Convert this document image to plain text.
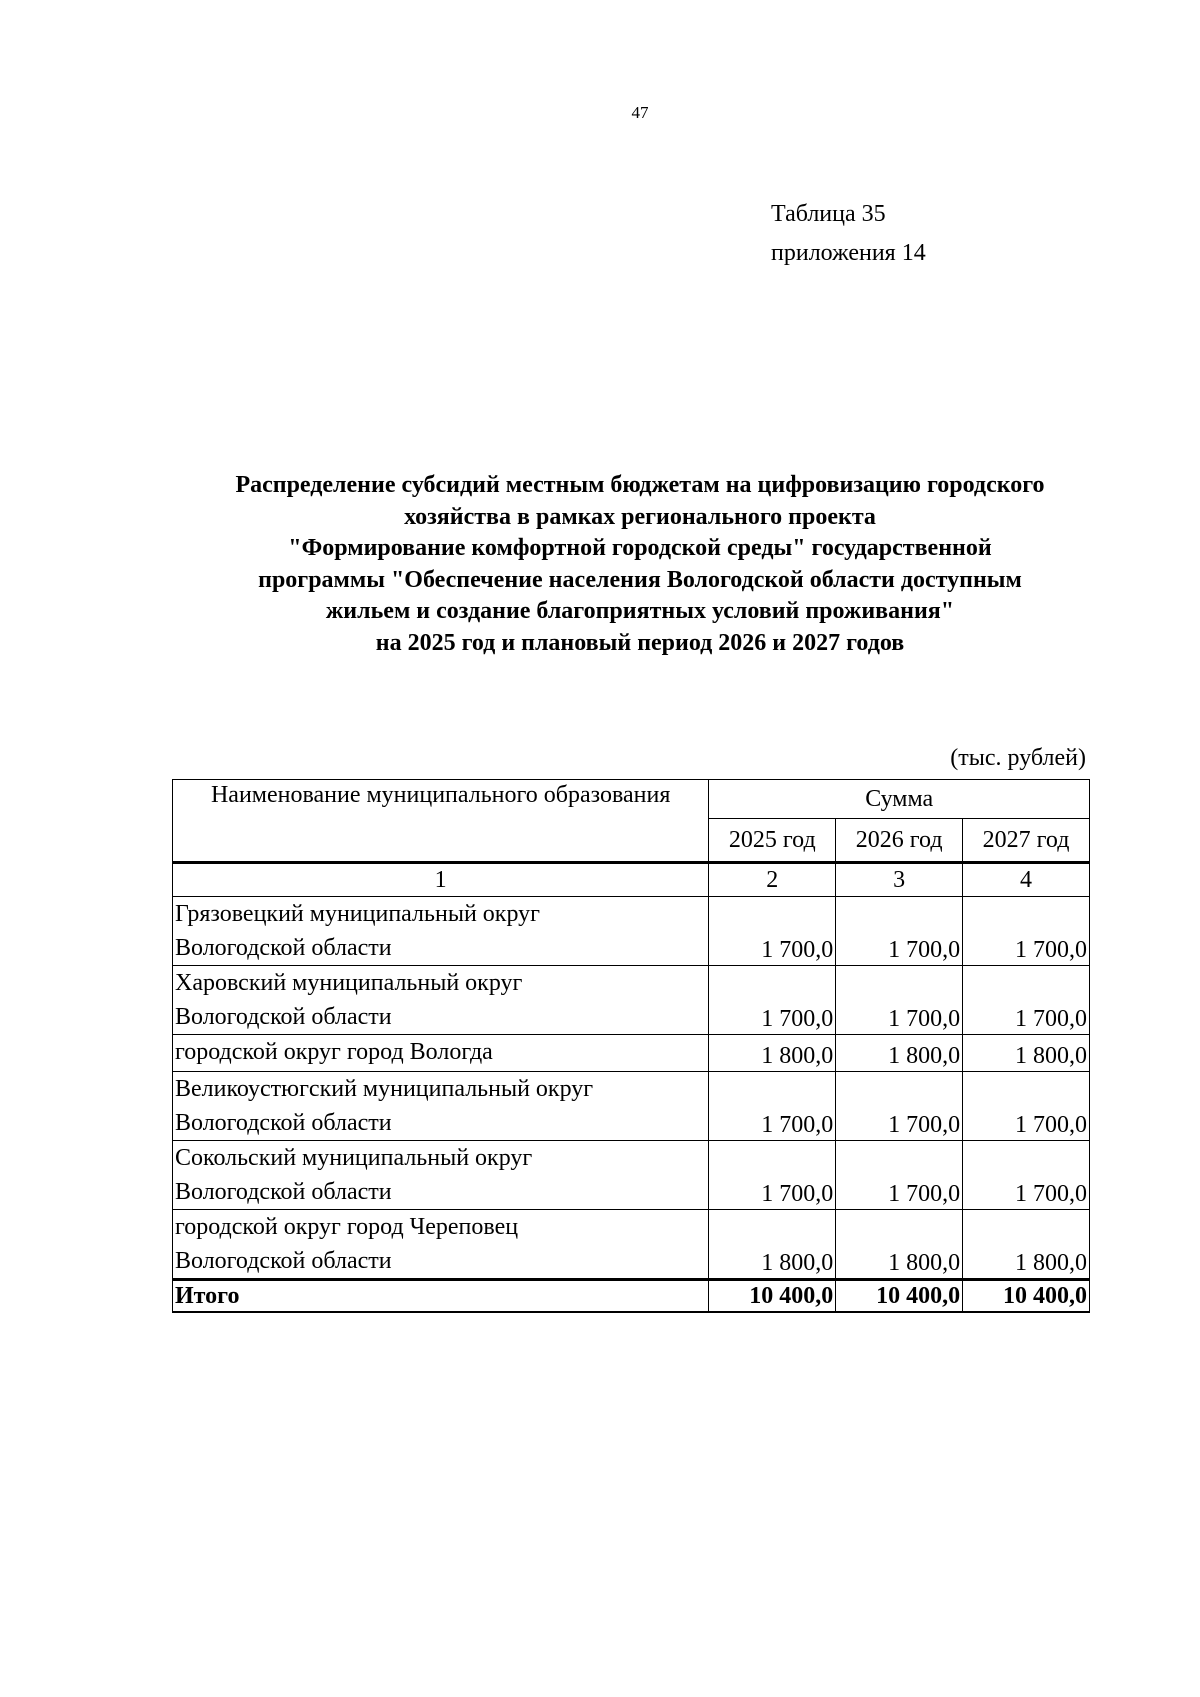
47
Таблица 35
приложения 14
Распределение субсидий местным бюджетам на цифровизацию городского
хозяйства в рамках регионального проекта
"Формирование комфортной городской среды" государственной
программы "Обеспечение населения Вологодской области доступным
жильем и создание благоприятных условий проживания"
на 2025 год и плановый период 2026 и 2027 годов
(тыс. рублей)
Наименование муниципального образования	Сумма		
	2025 год	2026 год	2027 год
1	2	3	4

Грязовецкий муниципальный округ
Вологодской области	1 700,0	1 700,0	1 700,0

Харовский муниципальный округ
Вологодской области	1 700,0	1 700,0	1 700,0

городской округ город Вологда	1 800,0	1 800,0	1 800,0

Великоустюгский муниципальный округ
Вологодской области	1 700,0	1 700,0	1 700,0

Сокольский муниципальный округ
Вологодской области	1 700,0	1 700,0	1 700,0

городской округ город Череповец
Вологодской области	1 800,0	1 800,0	1 800,0
Итого	10 400,0	10 400,0	10 400,0
